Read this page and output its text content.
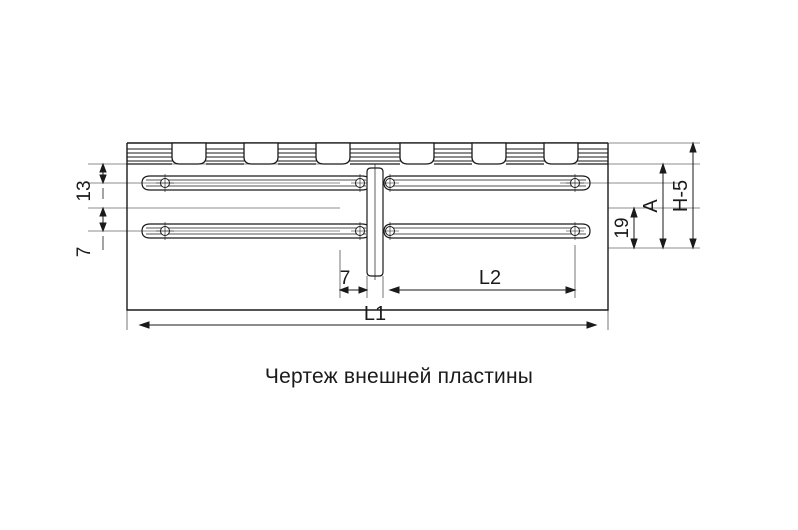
13
7
7	L2
L1
19
A H-5
Чертеж внешней пластины
